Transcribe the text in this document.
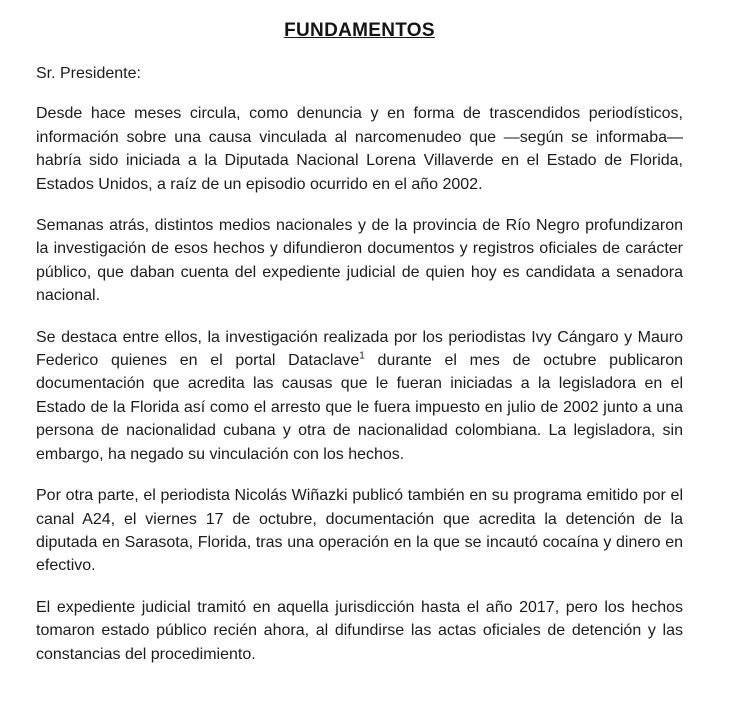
FUNDAMENTOS

Sr. Presidente:

Desde hace meses circula, como denuncia y en forma de trascendidos periodísticos, información sobre una causa vinculada al narcomenudeo que —según se informaba— habría sido iniciada a la Diputada Nacional Lorena Villaverde en el Estado de Florida, Estados Unidos, a raíz de un episodio ocurrido en el año 2002.

Semanas atrás, distintos medios nacionales y de la provincia de Río Negro profundizaron la investigación de esos hechos y difundieron documentos y registros oficiales de carácter público, que daban cuenta del expediente judicial de quien hoy es candidata a senadora nacional.

Se destaca entre ellos, la investigación realizada por los periodistas Ivy Cángaro y Mauro Federico quienes en el portal Dataclave$^1$ durante el mes de octubre publicaron documentación que acredita las causas que le fueran iniciadas a la legisladora en el Estado de la Florida así como el arresto que le fuera impuesto en julio de 2002 junto a una persona de nacionalidad cubana y otra de nacionalidad colombiana. La legisladora, sin embargo, ha negado su vinculación con los hechos.

Por otra parte, el periodista Nicolás Wiñazki publicó también en su programa emitido por el canal A24, el viernes 17 de octubre, documentación que acredita la detención de la diputada en Sarasota, Florida, tras una operación en la que se incautó cocaína y dinero en efectivo.

El expediente judicial tramitó en aquella jurisdicción hasta el año 2017, pero los hechos tomaron estado público recién ahora, al difundirse las actas oficiales de detención y las constancias del procedimiento.
